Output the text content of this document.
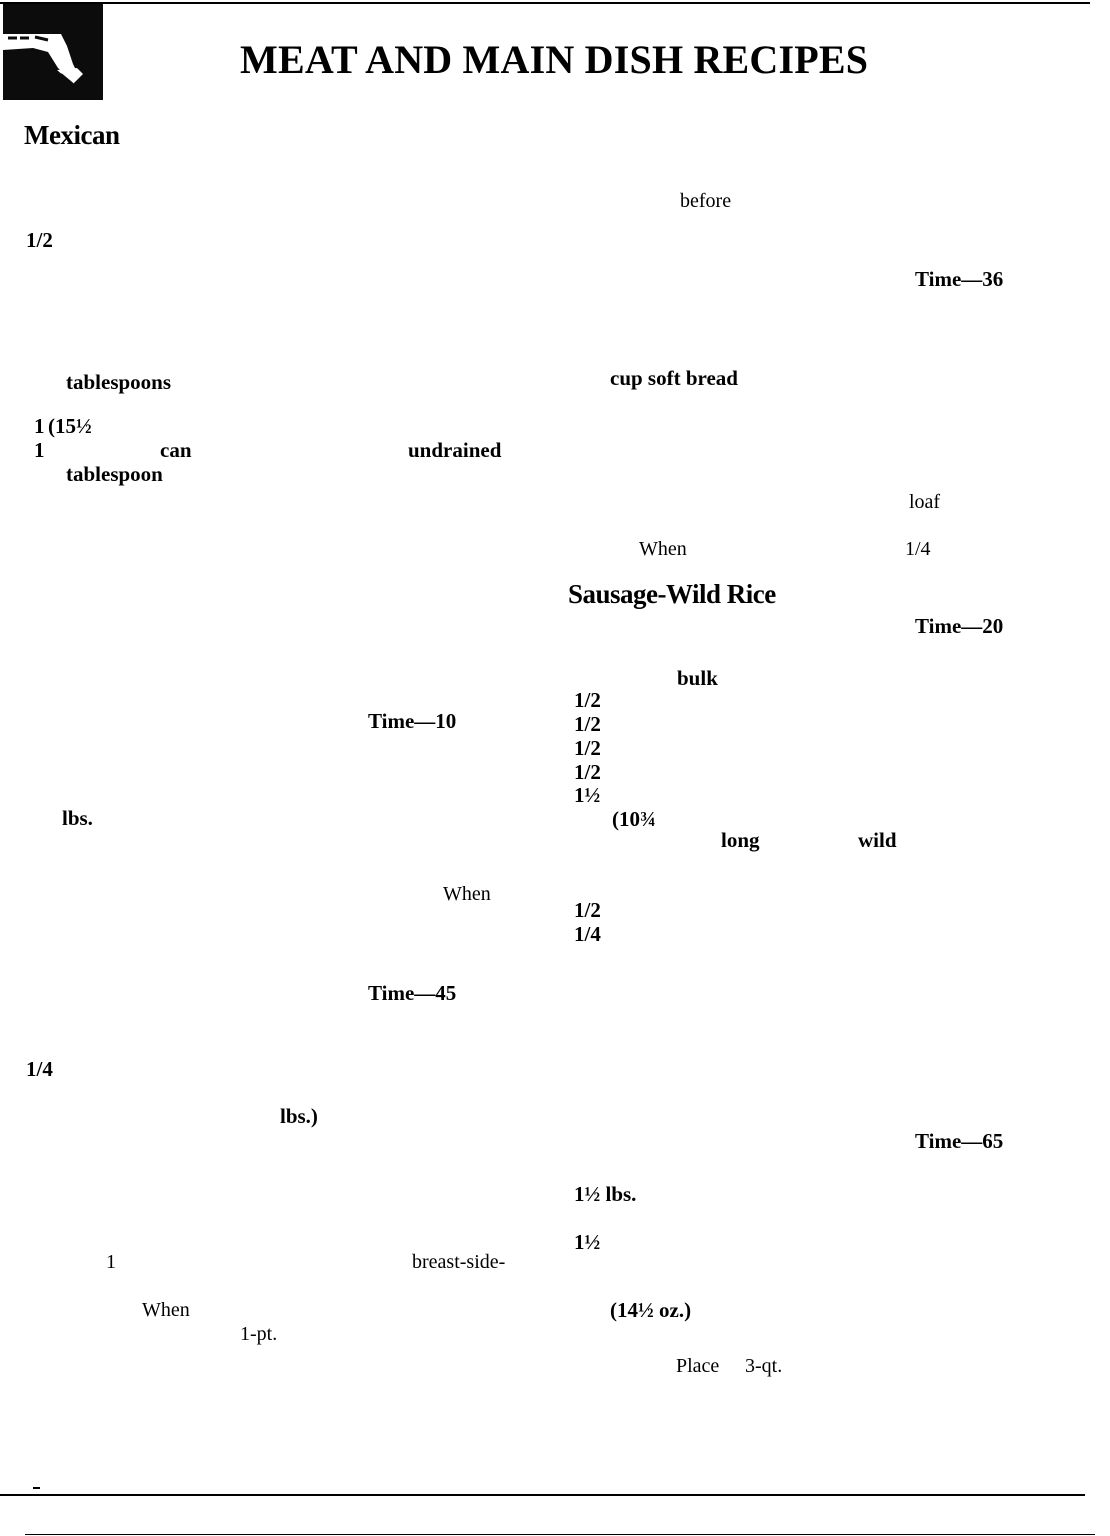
MEAT AND MAIN DISH RECIPES
Mexican
1/2
tablespoons
1 (15½
1	can	undrained
tablespoon
Time—10
lbs.
When
Time—45
1/4
lbs.)
1	breast-side-
When
1-pt.
before
Time—36
cup soft bread
loaf
When	1/4
Sausage-Wild Rice
Time—20
bulk
1/2
1/2
1/2
1/2
1½
(10¾
long	wild
1/2
1/4
Time—65
1½ lbs.
1½
(14½ oz.)
Place 3-qt.
